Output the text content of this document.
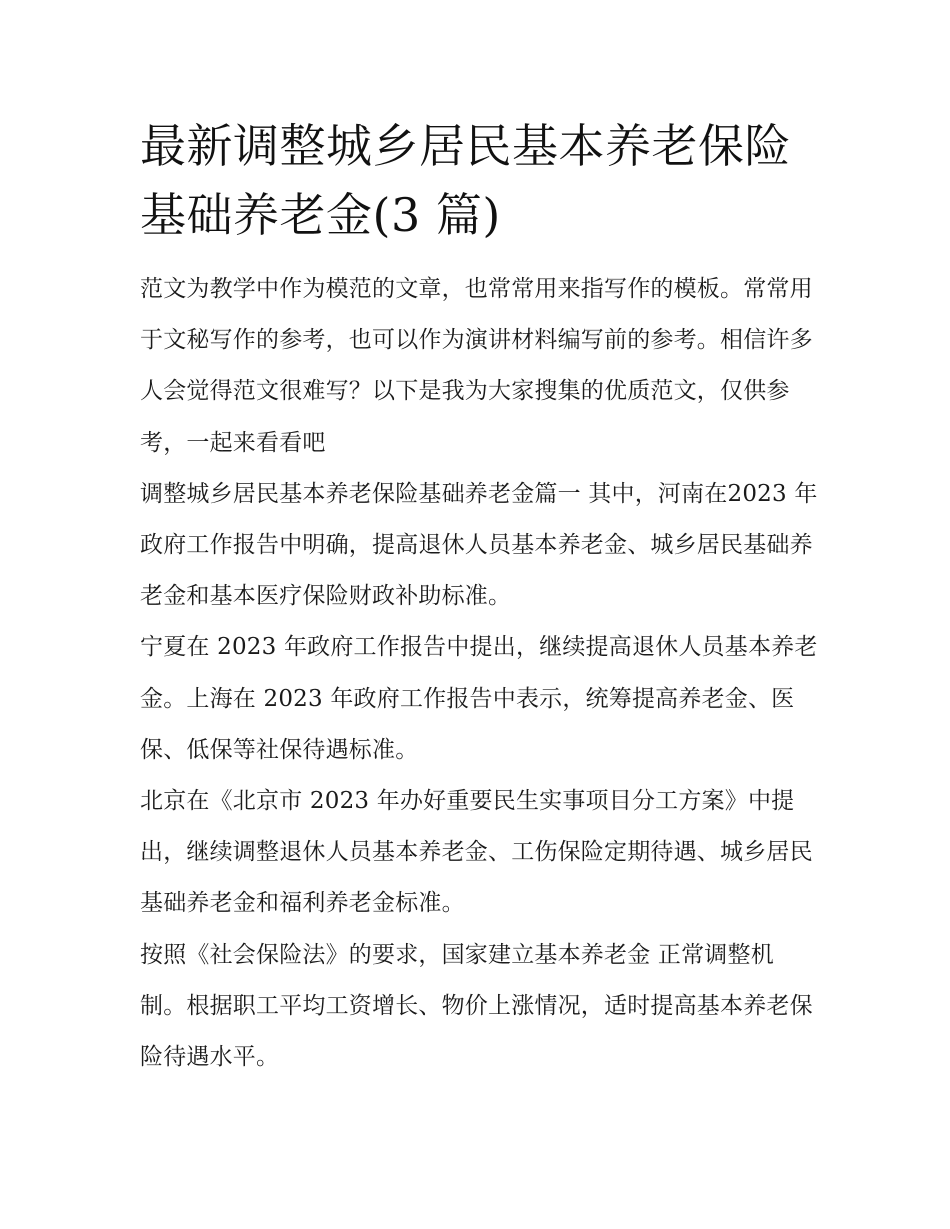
最新调整城乡居民基本养老保险基础养老金(3 篇)

范文为教学中作为模范的文章，也常常用来指写作的模板。常常用于文秘写作的参考，也可以作为演讲材料编写前的参考。相信许多人会觉得范文很难写？以下是我为大家搜集的优质范文，仅供参考，一起来看看吧

调整城乡居民基本养老保险基础养老金篇一 其中，河南在2023 年政府工作报告中明确，提高退休人员基本养老金、城乡居民基础养老金和基本医疗保险财政补助标准。

宁夏在 2023 年政府工作报告中提出，继续提高退休人员基本养老金。上海在 2023 年政府工作报告中表示，统筹提高养老金、医保、低保等社保待遇标准。

北京在《北京市 2023 年办好重要民生实事项目分工方案》中提出，继续调整退休人员基本养老金、工伤保险定期待遇、城乡居民基础养老金和福利养老金标准。

按照《社会保险法》的要求，国家建立基本养老金 正常调整机制。根据职工平均工资增长、物价上涨情况，适时提高基本养老保险待遇水平。
